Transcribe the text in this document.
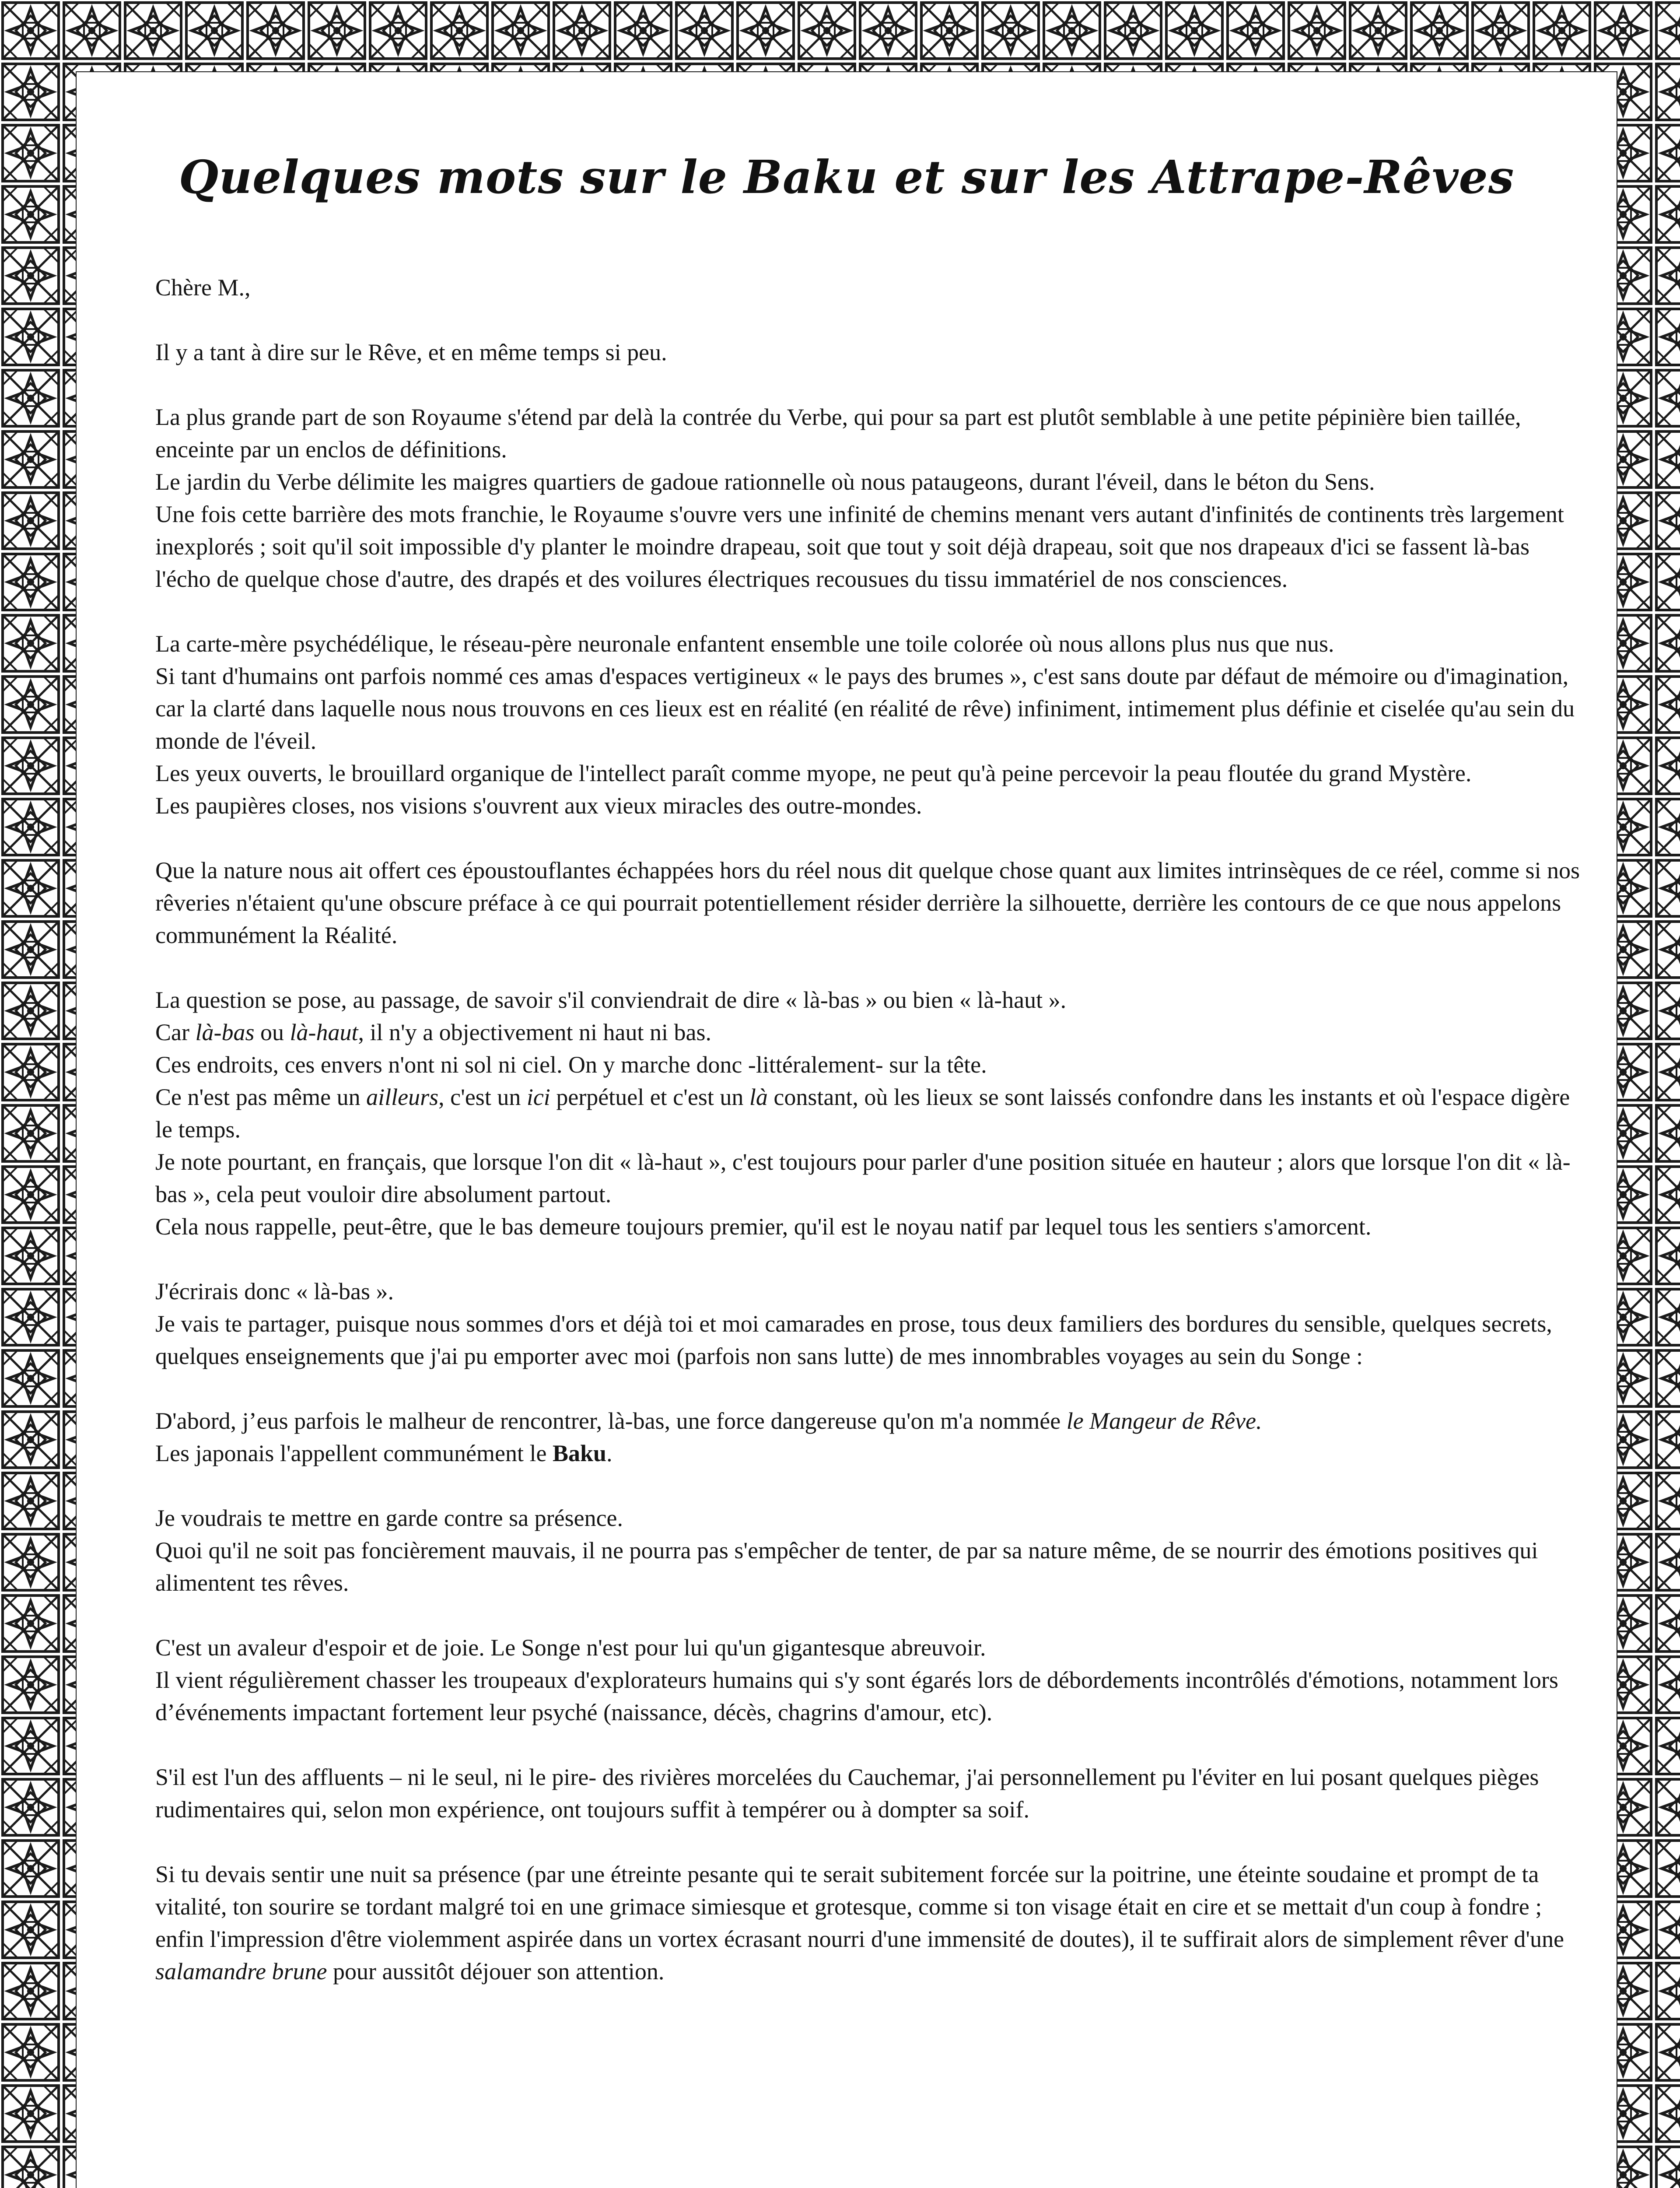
Quelques mots sur le Baku et sur les Attrape-Rêves

Chère M.,

Il y a tant à dire sur le Rêve, et en même temps si peu.

La plus grande part de son Royaume s'étend par delà la contrée du Verbe, qui pour sa part est plutôt semblable à une petite pépinière bien taillée, enceinte par un enclos de définitions.

Le jardin du Verbe délimite les maigres quartiers de gadoue rationnelle où nous pataugeons, durant l'éveil, dans le béton du Sens.

Une fois cette barrière des mots franchie, le Royaume s'ouvre vers une infinité de chemins menant vers autant d'infinités de continents très largement inexplorés ; soit qu'il soit impossible d'y planter le moindre drapeau, soit que tout y soit déjà drapeau, soit que nos drapeaux d'ici se fassent là-bas l'écho de quelque chose d'autre, des drapés et des voilures électriques recousues du tissu immatériel de nos consciences.

La carte-mère psychédélique, le réseau-père neuronale enfantent ensemble une toile colorée où nous allons plus nus que nus.

Si tant d'humains ont parfois nommé ces amas d'espaces vertigineux « le pays des brumes », c'est sans doute par défaut de mémoire ou d'imagination, car la clarté dans laquelle nous nous trouvons en ces lieux est en réalité (en réalité de rêve) infiniment, intimement plus définie et ciselée qu'au sein du monde de l'éveil.

Les yeux ouverts, le brouillard organique de l'intellect paraît comme myope, ne peut qu'à peine percevoir la peau floutée du grand Mystère.

Les paupières closes, nos visions s'ouvrent aux vieux miracles des outre-mondes.

Que la nature nous ait offert ces époustouflantes échappées hors du réel nous dit quelque chose quant aux limites intrinsèques de ce réel, comme si nos rêveries n'étaient qu'une obscure préface à ce qui pourrait potentiellement résider derrière la silhouette, derrière les contours de ce que nous appelons communément la Réalité.

La question se pose, au passage, de savoir s'il conviendrait de dire « là-bas » ou bien « là-haut ».

Car là-bas ou là-haut, il n'y a objectivement ni haut ni bas.

Ces endroits, ces envers n'ont ni sol ni ciel. On y marche donc -littéralement- sur la tête.

Ce n'est pas même un ailleurs, c'est un ici perpétuel et c'est un là constant, où les lieux se sont laissés confondre dans les instants et où l'espace digère le temps.

Je note pourtant, en français, que lorsque l'on dit « là-haut », c'est toujours pour parler d'une position située en hauteur ; alors que lorsque l'on dit « là-bas », cela peut vouloir dire absolument partout.

Cela nous rappelle, peut-être, que le bas demeure toujours premier, qu'il est le noyau natif par lequel tous les sentiers s'amorcent.

J'écrirais donc « là-bas ».

Je vais te partager, puisque nous sommes d'ors et déjà toi et moi camarades en prose, tous deux familiers des bordures du sensible, quelques secrets, quelques enseignements que j'ai pu emporter avec moi (parfois non sans lutte) de mes innombrables voyages au sein du Songe :

D'abord, j’eus parfois le malheur de rencontrer, là-bas, une force dangereuse qu'on m'a nommée le Mangeur de Rêve.

Les japonais l'appellent communément le Baku.

Je voudrais te mettre en garde contre sa présence.

Quoi qu'il ne soit pas foncièrement mauvais, il ne pourra pas s'empêcher de tenter, de par sa nature même, de se nourrir des émotions positives qui alimentent tes rêves.

C'est un avaleur d'espoir et de joie. Le Songe n'est pour lui qu'un gigantesque abreuvoir.

Il vient régulièrement chasser les troupeaux d'explorateurs humains qui s'y sont égarés lors de débordements incontrôlés d'émotions, notamment lors d’événements impactant fortement leur psyché (naissance, décès, chagrins d'amour, etc).

S'il est l'un des affluents – ni le seul, ni le pire- des rivières morcelées du Cauchemar, j'ai personnellement pu l'éviter en lui posant quelques pièges rudimentaires qui, selon mon expérience, ont toujours suffit à tempérer ou à dompter sa soif.

Si tu devais sentir une nuit sa présence (par une étreinte pesante qui te serait subitement forcée sur la poitrine, une éteinte soudaine et prompt de ta vitalité, ton sourire se tordant malgré toi en une grimace simiesque et grotesque, comme si ton visage était en cire et se mettait d'un coup à fondre ; enfin l'impression d'être violemment aspirée dans un vortex écrasant nourri d'une immensité de doutes), il te suffirait alors de simplement rêver d'une salamandre brune pour aussitôt déjouer son attention.
